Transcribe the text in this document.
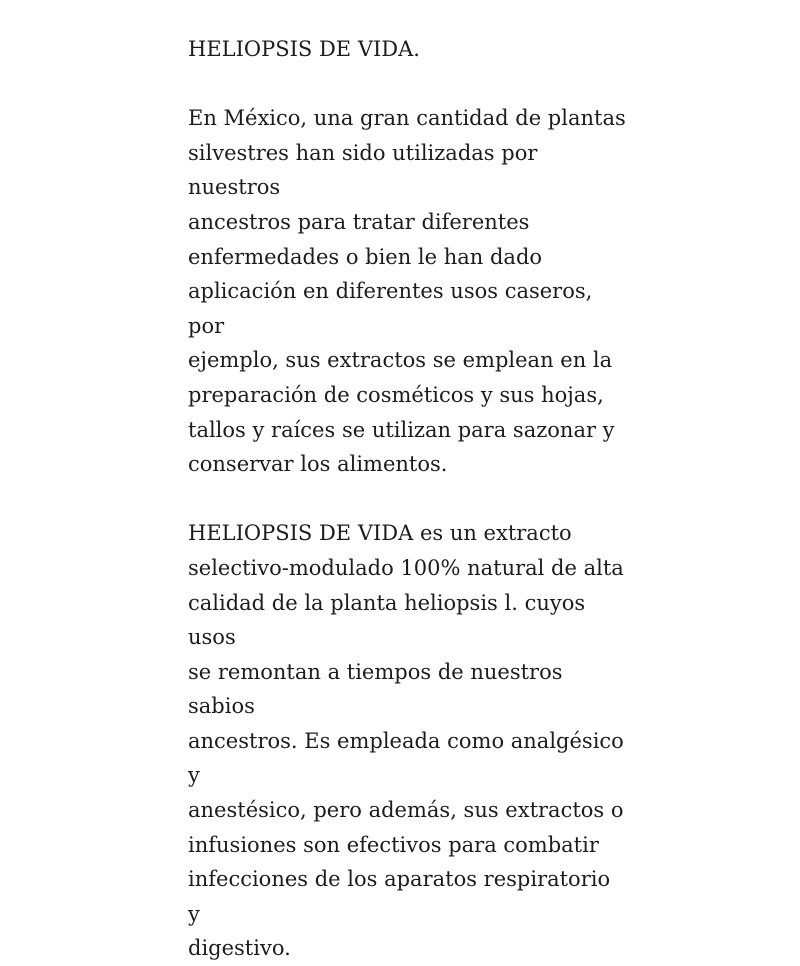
HELIOPSIS DE VIDA.

En México, una gran cantidad de plantas

silvestres han sido utilizadas por nuestros

ancestros para tratar diferentes

enfermedades o bien le han dado

aplicación en diferentes usos caseros, por

ejemplo, sus extractos se emplean en la

preparación de cosméticos y sus hojas,

tallos y raíces se utilizan para sazonar y

conservar los alimentos.

HELIOPSIS DE VIDA es un extracto

selectivo-modulado 100% natural de alta

calidad de la planta heliopsis l. cuyos usos

se remontan a tiempos de nuestros sabios

ancestros. Es empleada como analgésico y

anestésico, pero además, sus extractos o

infusiones son efectivos para combatir

infecciones de los aparatos respiratorio y

digestivo.
